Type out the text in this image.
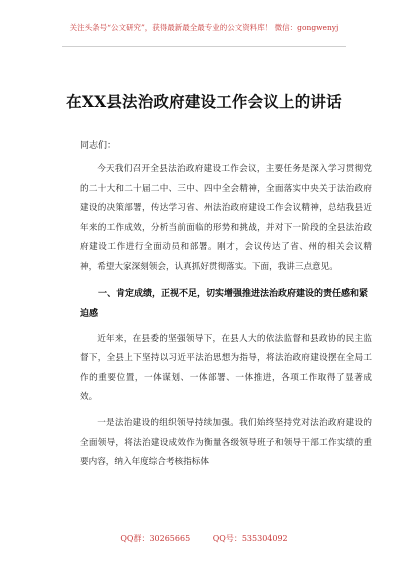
关注头条号“公文研究”，获得最新最全最专业的公文资料库！ 微信：gongwenyj
在XX县法治政府建设工作会议上的讲话

同志们：

今天我们召开全县法治政府建设工作会议，主要任务是深入学习贯彻党的二十大和二十届二中、三中、四中全会精神，全面落实中央关于法治政府建设的决策部署，传达学习省、州法治政府建设工作会议精神，总结我县近年来的工作成效，分析当前面临的形势和挑战，并对下一阶段的全县法治政府建设工作进行全面动员和部署。刚才，会议传达了省、州的相关会议精神，希望大家深刻领会，认真抓好贯彻落实。下面，我讲三点意见。

一、肯定成绩，正视不足，切实增强推进法治政府建设的责任感和紧迫感

近年来，在县委的坚强领导下，在县人大的依法监督和县政协的民主监督下，全县上下坚持以习近平法治思想为指导，将法治政府建设摆在全局工作的重要位置，一体谋划、一体部署、一体推进，各项工作取得了显著成效。

一是法治建设的组织领导持续加强。我们始终坚持党对法治政府建设的全面领导，将法治建设成效作为衡量各级领导班子和领导干部工作实绩的重要内容，纳入年度综合考核指标体

QQ群：30265665	QQ号：535304092
